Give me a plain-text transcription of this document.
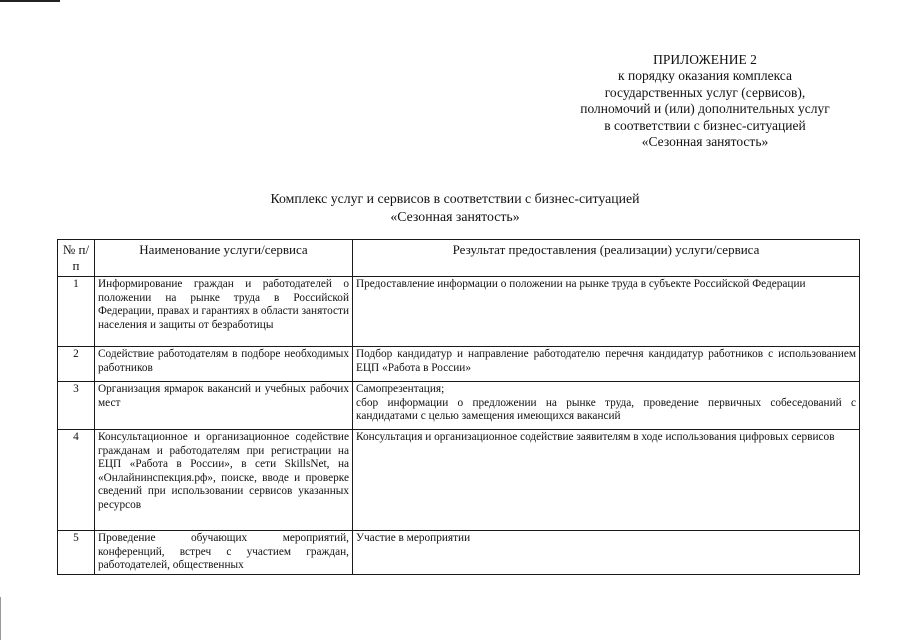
ПРИЛОЖЕНИЕ 2
к порядку оказания комплекса
государственных услуг (сервисов),
полномочий и (или) дополнительных услуг
в соответствии с бизнес-ситуацией
«Сезонная занятость»
Комплекс услуг и сервисов в соответствии с бизнес-ситуацией
«Сезонная занятость»
№ п/п	Наименование услуги/сервиса	Результат предоставления (реализации) услуги/сервиса
1	Информирование граждан и работодателей о положении на рынке труда в Российской Федерации, правах и гарантиях в области занятости населения и защиты от безработицы	Предоставление информации о положении на рынке труда в субъекте Российской Федерации

2	Содействие работодателям в подборе необходимых работников	Подбор кандидатур и направление работодателю перечня кандидатур работников с использованием ЕЦП «Работа в России»

3	Организация ярмарок вакансий и учебных рабочих мест	Самопрезентация;
сбор информации о предложении на рынке труда, проведение первичных собеседований с кандидатами с целью замещения имеющихся вакансий

4	Консультационное и организационное содействие гражданам и работодателям при регистрации на ЕЦП «Работа в России», в сети SkillsNet, на «Онлайнинспекция.рф», поиске, вводе и проверке сведений при использовании сервисов указанных ресурсов	Консультация и организационное содействие заявителям в ходе использования цифровых сервисов

5	Проведение обучающих мероприятий, конференций, встреч с участием граждан, работодателей, общественных	Участие в мероприятии
